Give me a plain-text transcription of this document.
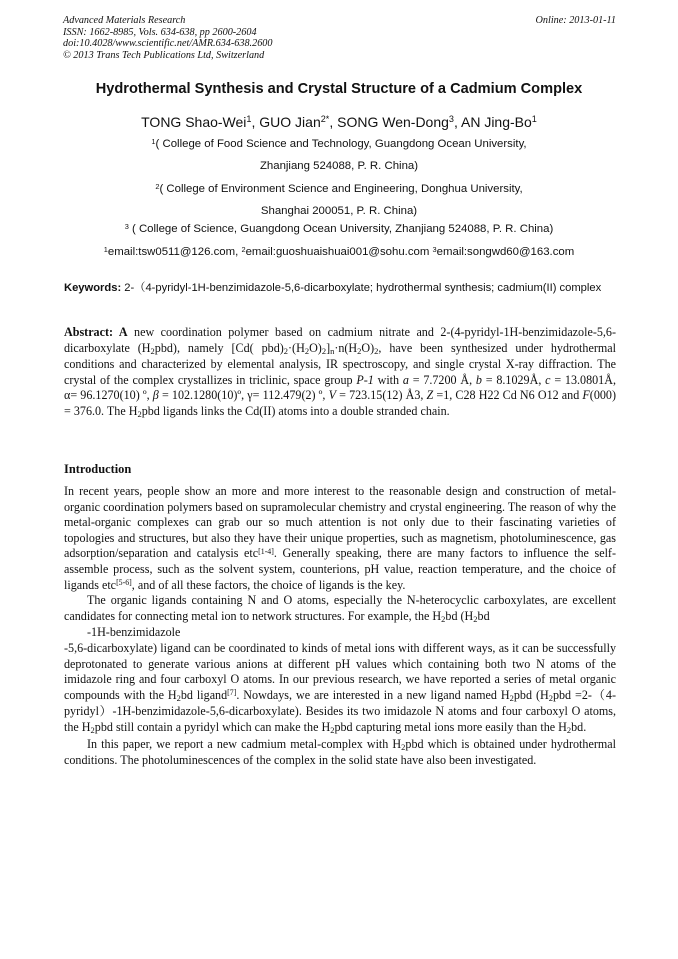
Advanced Materials Research
ISSN: 1662-8985, Vols. 634-638, pp 2600-2604
doi:10.4028/www.scientific.net/AMR.634-638.2600
© 2013 Trans Tech Publications Ltd, Switzerland
Online: 2013-01-11
Hydrothermal Synthesis and Crystal Structure of a Cadmium Complex
TONG Shao-Wei$^1$, GUO Jian$^{2*}$, SONG Wen-Dong$^3$, AN Jing-Bo$^1$
$^1$( College of Food Science and Technology, Guangdong Ocean University,
Zhanjiang 524088, P. R. China)
$^2$( College of Environment Science and Engineering, Donghua University,
Shanghai 200051, P. R. China)
$^3$ ( College of Science, Guangdong Ocean University, Zhanjiang 524088, P. R. China)
$^1$email:tsw0511@126.com, $^2$email:guoshuaishuai001@sohu.com $^3$email:songwd60@163.com
Keywords: 2-（4-pyridyl-1H-benzimidazole-5,6-dicarboxylate; hydrothermal synthesis; cadmium(II) complex
Abstract: A new coordination polymer based on cadmium nitrate and 2-(4-pyridyl-1H-benzimidazole-5,6-dicarboxylate $(H_2pbd)$, namely [Cd( $pbd)_2\cdot(H_2O)_2]_n\cdot n(H_2O)_2$, have been synthesized under hydrothermal conditions and characterized by elemental analysis, IR spectroscopy, and single crystal X-ray diffraction. The crystal of the complex crystallizes in triclinic, space group P-1 with a = 7.7200 Å, b = 8.1029Å, c = 13.0801Å, α= 96.1270(10) º, β = 102.1280(10)º, γ= 112.479(2) º, V = 723.15(12) Å3, Z =1, C28 H22 Cd N6 O12 and F(000) = 376.0. The $H_2pbd$ ligands links the Cd(II) atoms into a double stranded chain.
Introduction

In recent years, people show an more and more interest to the reasonable design and construction of metal-organic coordination polymers based on supramolecular chemistry and crystal engineering. The reason of why the metal-organic complexes can grab our so much attention is not only due to their fascinating varieties of topologies and structures, but also they have their unique properties, such as magnetism, photoluminescence, gas adsorption/separation and catalysis etc[1-4]. Generally speaking, there are many factors to influence the self-assemble process, such as the solvent system, counterions, pH value, reaction temperature, and the choice of ligands etc[5-6], and of all these factors, the choice of ligands is the key.

The organic ligands containing N and O atoms, especially the N-heterocyclic carboxylates, are excellent candidates for connecting metal ion to network structures. For example, the $H_2bd$ ($H_2bd$
-1H-benzimidazole
-5,6-dicarboxylate) ligand can be coordinated to kinds of metal ions with different ways, as it can be successfully deprotonated to generate various anions at different pH values which containing both two N atoms of the imidazole ring and four carboxyl O atoms. In our previous research, we have reported a series of metal organic compounds with the $H_2bd$ ligand[7]. Nowdays, we are interested in a new ligand named $H_2pbd$ ($H_2pbd$ =2-（4-pyridyl）-1H-benzimidazole-5,6-dicarboxylate). Besides its two imidazole N atoms and four carboxyl O atoms, the $H_2pbd$ still contain a pyridyl which can make the $H_2pbd$ capturing metal ions more easily than the $H_2bd$.

In this paper, we report a new cadmium metal-complex with $H_2pbd$ which is obtained under hydrothermal conditions. The photoluminescences of the complex in the solid state have also been investigated.
